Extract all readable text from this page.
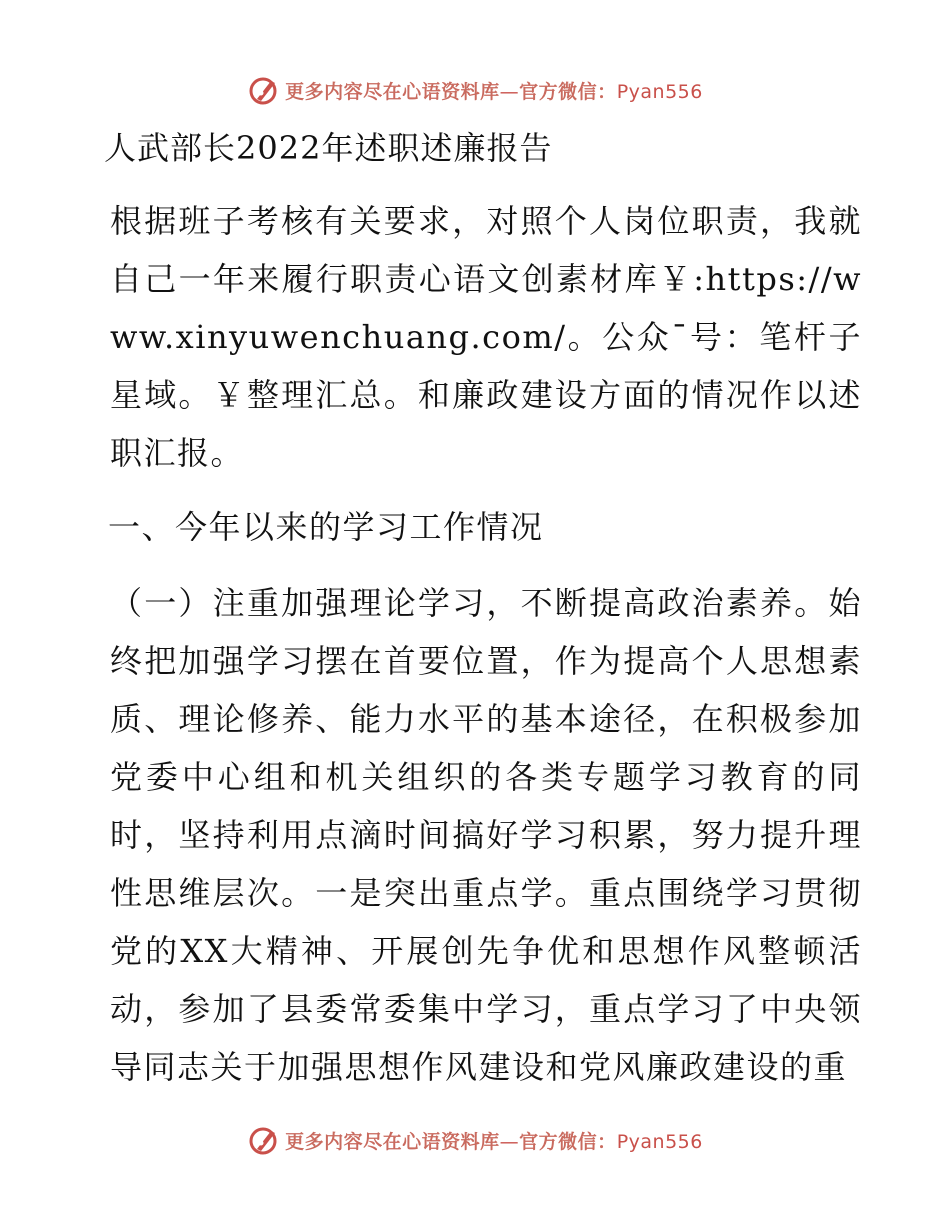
更多内容尽在心语资料库—官方微信：Pyan556
人武部长2022年述职述廉报告

根据班子考核有关要求，对照个人岗位职责，我就自己一年来履行职责心语文创素材库￥:https://www.xinyuwenchuang.com/。公众¯号：笔杆子星域。￥整理汇总。和廉政建设方面的情况作以述职汇报。

一、今年以来的学习工作情况

（一）注重加强理论学习，不断提高政治素养。始终把加强学习摆在首要位置，作为提高个人思想素质、理论修养、能力水平的基本途径，在积极参加党委中心组和机关组织的各类专题学习教育的同时，坚持利用点滴时间搞好学习积累，努力提升理性思维层次。一是突出重点学。重点围绕学习贯彻党的XX大精神、开展创先争优和思想作风整顿活动，参加了县委常委集中学习，重点学习了中央领导同志关于加强思想作风建设和党风廉政建设的重

更多内容尽在心语资料库—官方微信：Pyan556
